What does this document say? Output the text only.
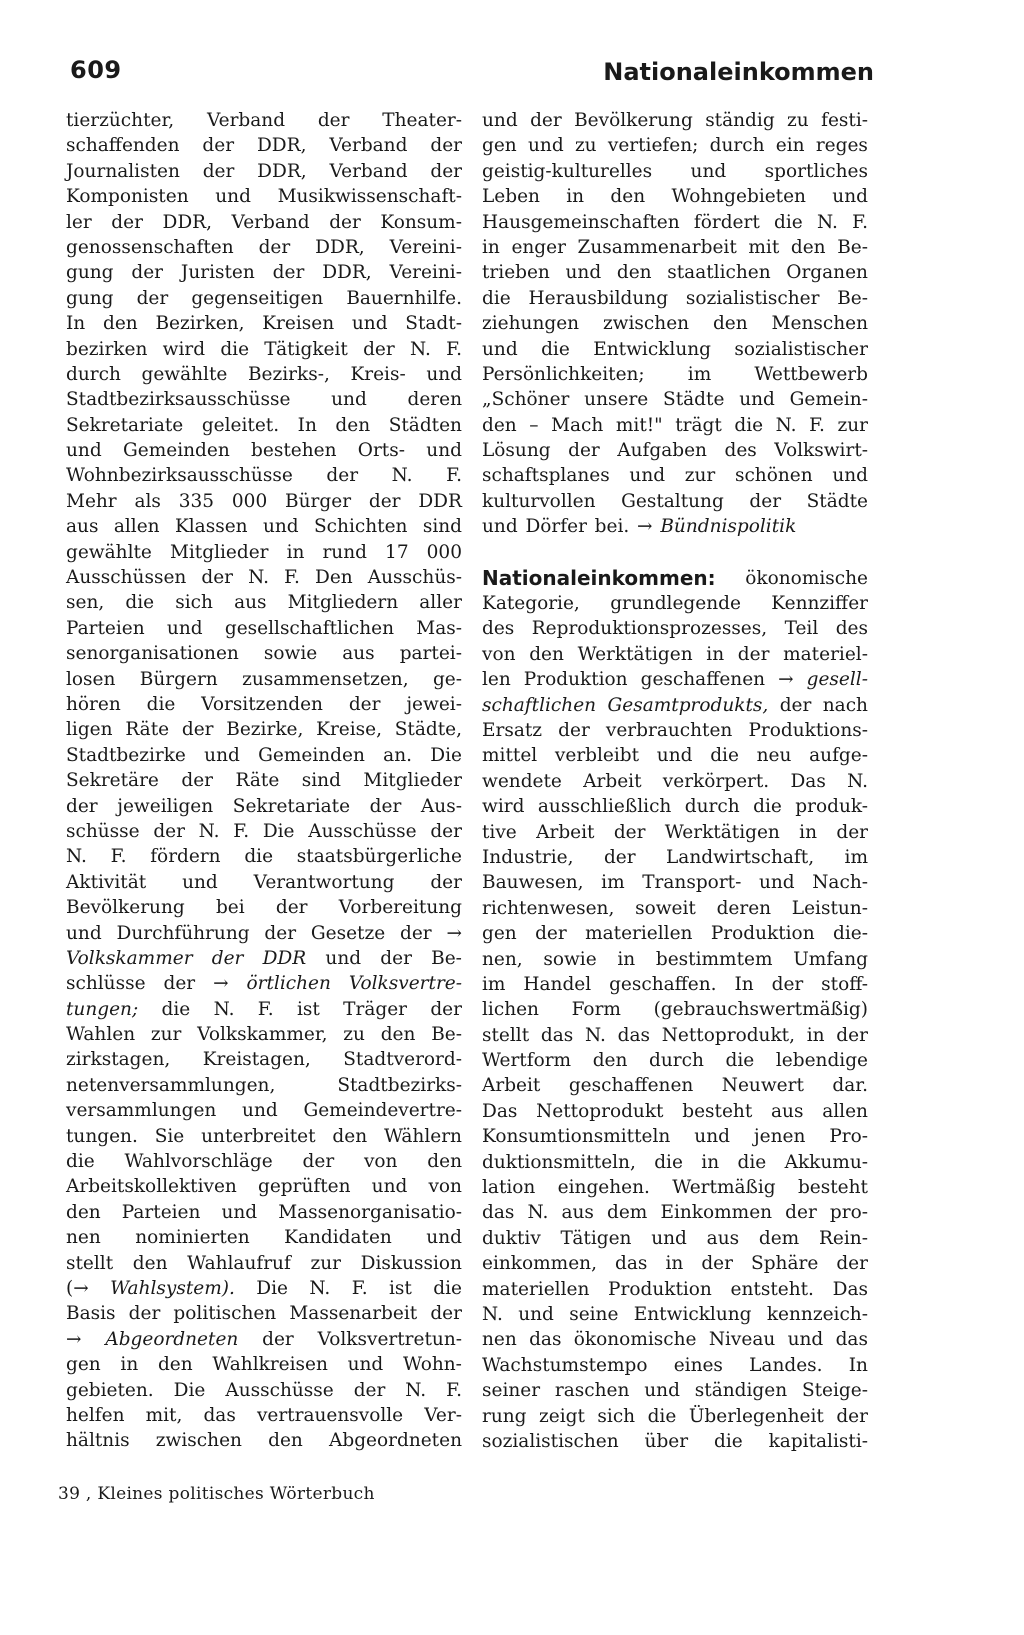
609	Nationaleinkommen
tierzüchter, Verband der Theater-
schaffenden der DDR, Verband der
Journalisten der DDR, Verband der
Komponisten und Musikwissenschaft-
ler der DDR, Verband der Konsum-
genossenschaften der DDR, Vereini-
gung der Juristen der DDR, Vereini-
gung der gegenseitigen Bauernhilfe.
In den Bezirken, Kreisen und Stadt-
bezirken wird die Tätigkeit der N. F.
durch gewählte Bezirks-, Kreis- und
Stadtbezirksausschüsse und deren
Sekretariate geleitet. In den Städten
und Gemeinden bestehen Orts- und
Wohnbezirksausschüsse der N. F.
Mehr als 335 000 Bürger der DDR
aus allen Klassen und Schichten sind
gewählte Mitglieder in rund 17 000
Ausschüssen der N. F. Den Ausschüs-
sen, die sich aus Mitgliedern aller
Parteien und gesellschaftlichen Mas-
senorganisationen sowie aus partei-
losen Bürgern zusammensetzen, ge-
hören die Vorsitzenden der jewei-
ligen Räte der Bezirke, Kreise, Städte,
Stadtbezirke und Gemeinden an. Die
Sekretäre der Räte sind Mitglieder
der jeweiligen Sekretariate der Aus-
schüsse der N. F. Die Ausschüsse der
N. F. fördern die staatsbürgerliche
Aktivität und Verantwortung der
Bevölkerung bei der Vorbereitung
und Durchführung der Gesetze der →
Volkskammer der DDR und der Be-
schlüsse der → örtlichen Volksvertre-
tungen; die N. F. ist Träger der
Wahlen zur Volkskammer, zu den Be-
zirkstagen, Kreistagen, Stadtverord-
netenversammlungen,	Stadtbezirks-
versammlungen und Gemeindevertre-
tungen. Sie unterbreitet den Wählern
die Wahlvorschläge der von den
Arbeitskollektiven geprüften und von
den Parteien und Massenorganisatio-
nen nominierten Kandidaten und
stellt den Wahlaufruf zur Diskussion
(→ Wahlsystem). Die N. F. ist die
Basis der politischen Massenarbeit der
→ Abgeordneten der Volksvertretun-
gen in den Wahlkreisen und Wohn-
gebieten. Die Ausschüsse der N. F.
helfen mit, das vertrauensvolle Ver-
hältnis zwischen den Abgeordneten
und der Bevölkerung ständig zu festi-
gen und zu vertiefen; durch ein reges
geistig-kulturelles und sportliches
Leben in den Wohngebieten und
Hausgemeinschaften fördert die N. F.
in enger Zusammenarbeit mit den Be-
trieben und den staatlichen Organen
die Herausbildung sozialistischer Be-
ziehungen zwischen den Menschen
und die Entwicklung sozialistischer
Persönlichkeiten; im Wettbewerb
„Schöner unsere Städte und Gemein-
den – Mach mit!" trägt die N. F. zur
Lösung der Aufgaben des Volkswirt-
schaftsplanes und zur schönen und
kulturvollen Gestaltung der Städte
und Dörfer bei. → Bündnispolitik
Nationaleinkommen: ökonomische
Kategorie, grundlegende Kennziffer
des Reproduktionsprozesses, Teil des
von den Werktätigen in der materiel-
len Produktion geschaffenen → gesell-
schaftlichen Gesamtprodukts, der nach
Ersatz der verbrauchten Produktions-
mittel verbleibt und die neu aufge-
wendete Arbeit verkörpert. Das N.
wird ausschließlich durch die produk-
tive Arbeit der Werktätigen in der
Industrie, der Landwirtschaft, im
Bauwesen, im Transport- und Nach-
richtenwesen, soweit deren Leistun-
gen der materiellen Produktion die-
nen, sowie in bestimmtem Umfang
im Handel geschaffen. In der stoff-
lichen Form (gebrauchswertmäßig)
stellt das N. das Nettoprodukt, in der
Wertform den durch die lebendige
Arbeit geschaffenen Neuwert dar.
Das Nettoprodukt besteht aus allen
Konsumtionsmitteln und jenen Pro-
duktionsmitteln, die in die Akkumu-
lation eingehen. Wertmäßig besteht
das N. aus dem Einkommen der pro-
duktiv Tätigen und aus dem Rein-
einkommen, das in der Sphäre der
materiellen Produktion entsteht. Das
N. und seine Entwicklung kennzeich-
nen das ökonomische Niveau und das
Wachstumstempo eines Landes. In
seiner raschen und ständigen Steige-
rung zeigt sich die Überlegenheit der
sozialistischen über die kapitalisti-
39 , Kleines politisches Wörterbuch
